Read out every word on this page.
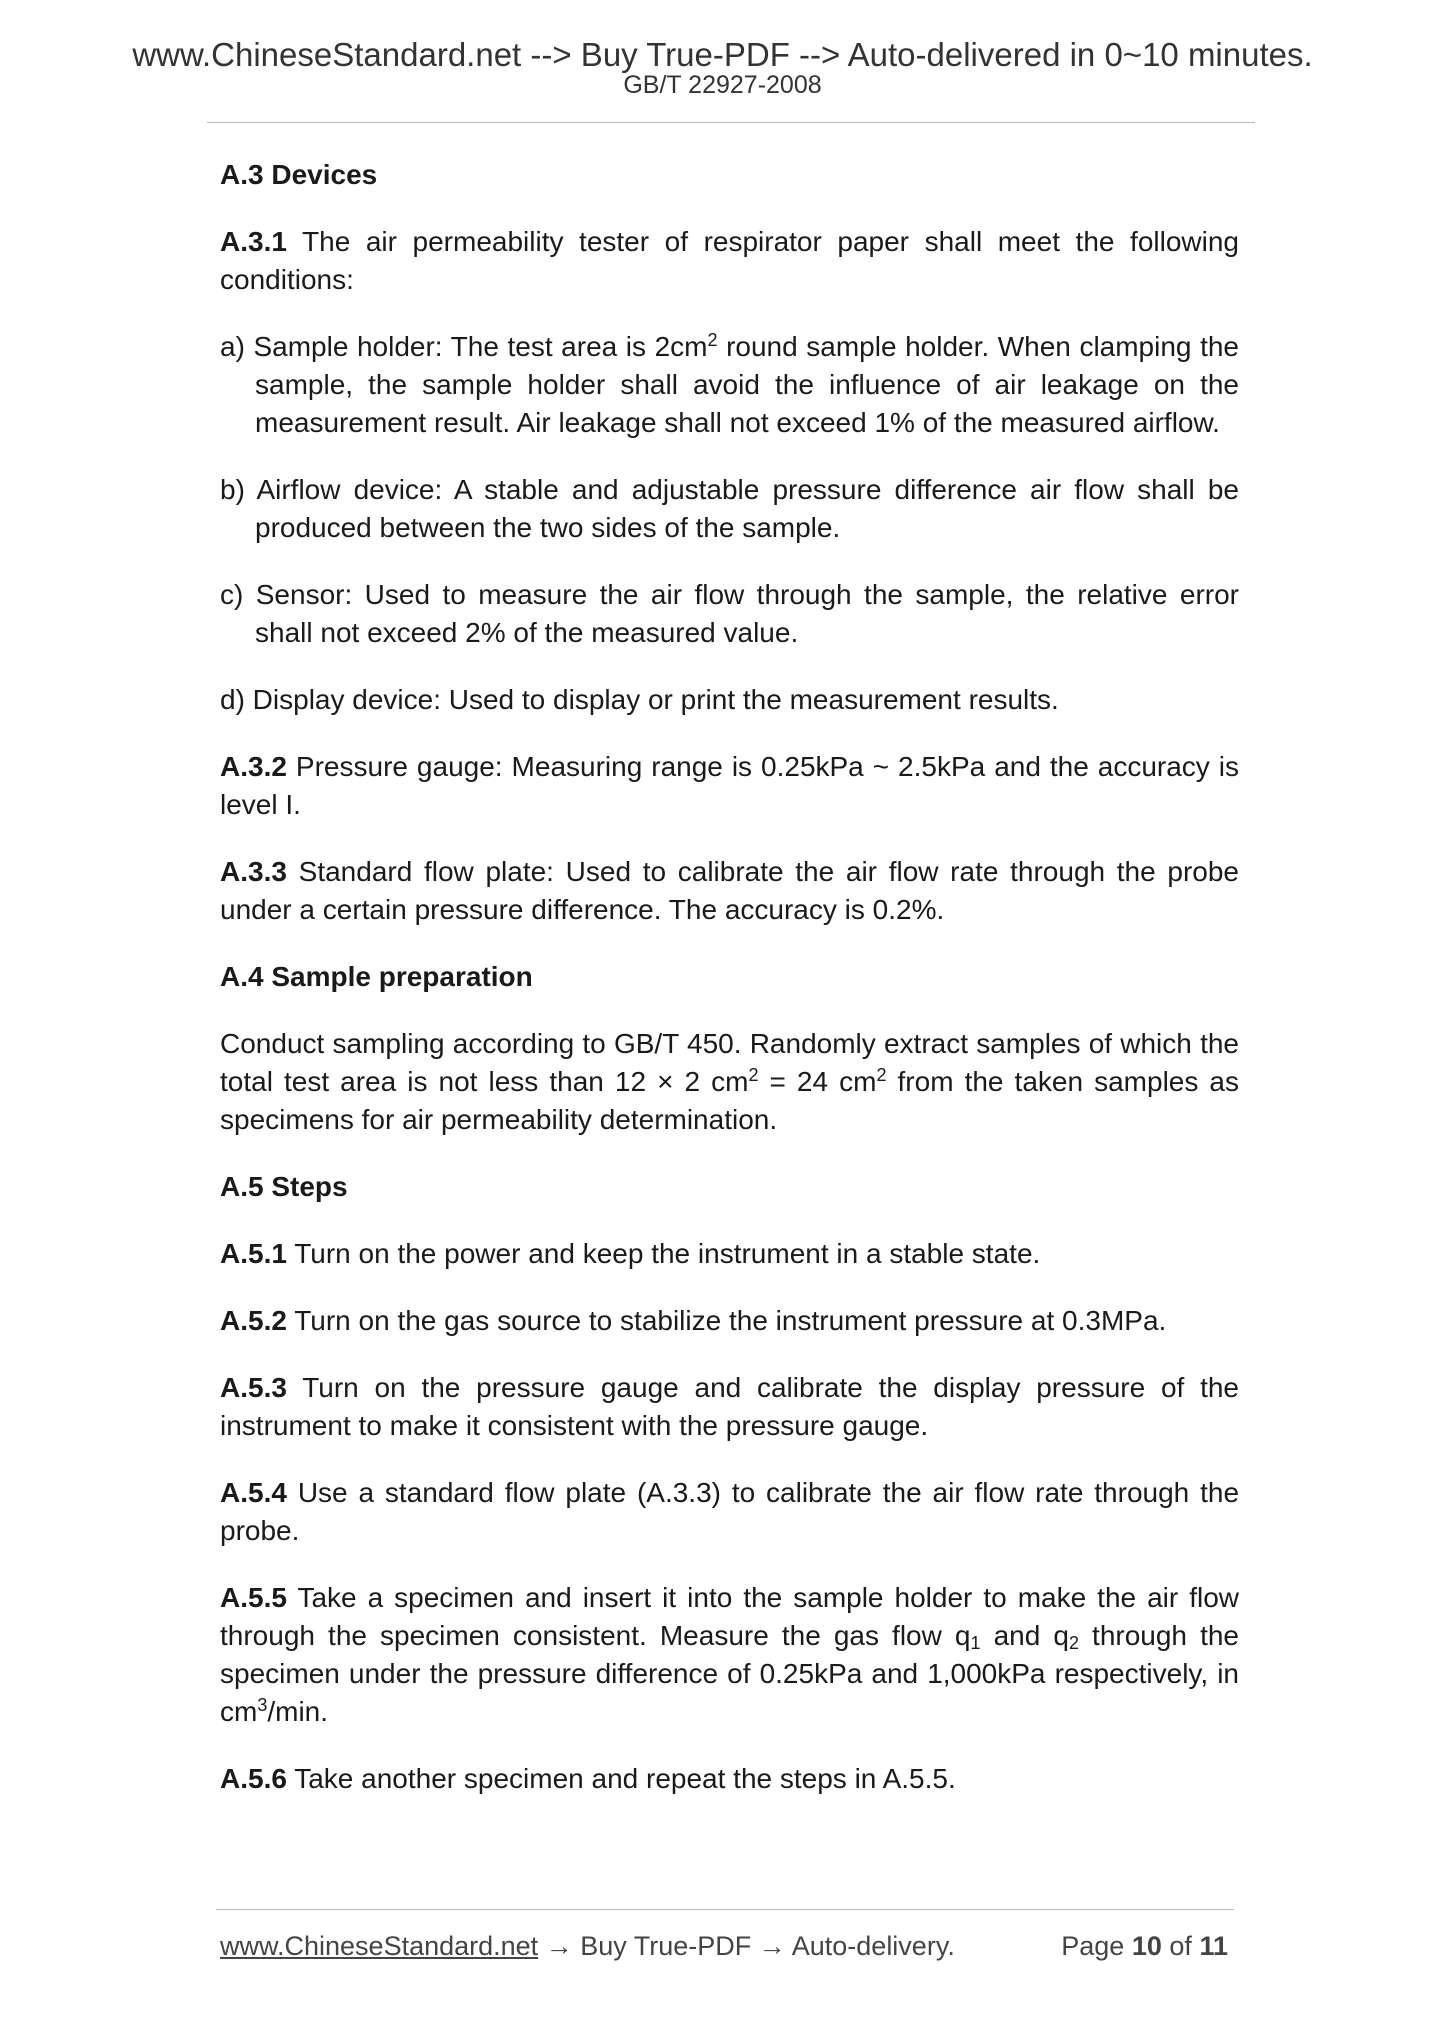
www.ChineseStandard.net --> Buy True-PDF --> Auto-delivered in 0~10 minutes.
GB/T 22927-2008

A.3 Devices

A.3.1 The air permeability tester of respirator paper shall meet the following conditions:

a) Sample holder: The test area is $2cm^2$ round sample holder. When clamping the sample, the sample holder shall avoid the influence of air leakage on the measurement result. Air leakage shall not exceed 1% of the measured airflow.

b) Airflow device: A stable and adjustable pressure difference air flow shall be produced between the two sides of the sample.

c) Sensor: Used to measure the air flow through the sample, the relative error shall not exceed 2% of the measured value.

d) Display device: Used to display or print the measurement results.

A.3.2 Pressure gauge: Measuring range is 0.25kPa ~ 2.5kPa and the accuracy is level I.

A.3.3 Standard flow plate: Used to calibrate the air flow rate through the probe under a certain pressure difference. The accuracy is 0.2%.

A.4 Sample preparation

Conduct sampling according to GB/T 450. Randomly extract samples of which the total test area is not less than 12 × 2 $cm^2 = 24$ $cm^2$ from the taken samples as specimens for air permeability determination.

A.5 Steps

A.5.1 Turn on the power and keep the instrument in a stable state.

A.5.2 Turn on the gas source to stabilize the instrument pressure at 0.3MPa.

A.5.3 Turn on the pressure gauge and calibrate the display pressure of the instrument to make it consistent with the pressure gauge.

A.5.4 Use a standard flow plate (A.3.3) to calibrate the air flow rate through the probe.

A.5.5 Take a specimen and insert it into the sample holder to make the air flow through the specimen consistent. Measure the gas flow $q_1$ and $q_2$ through the specimen under the pressure difference of 0.25kPa and 1,000kPa respectively, in $cm^3/\min$.

A.5.6 Take another specimen and repeat the steps in A.5.5.

www.ChineseStandard.net → Buy True-PDF → Auto-delivery.	Page 10 of 11
